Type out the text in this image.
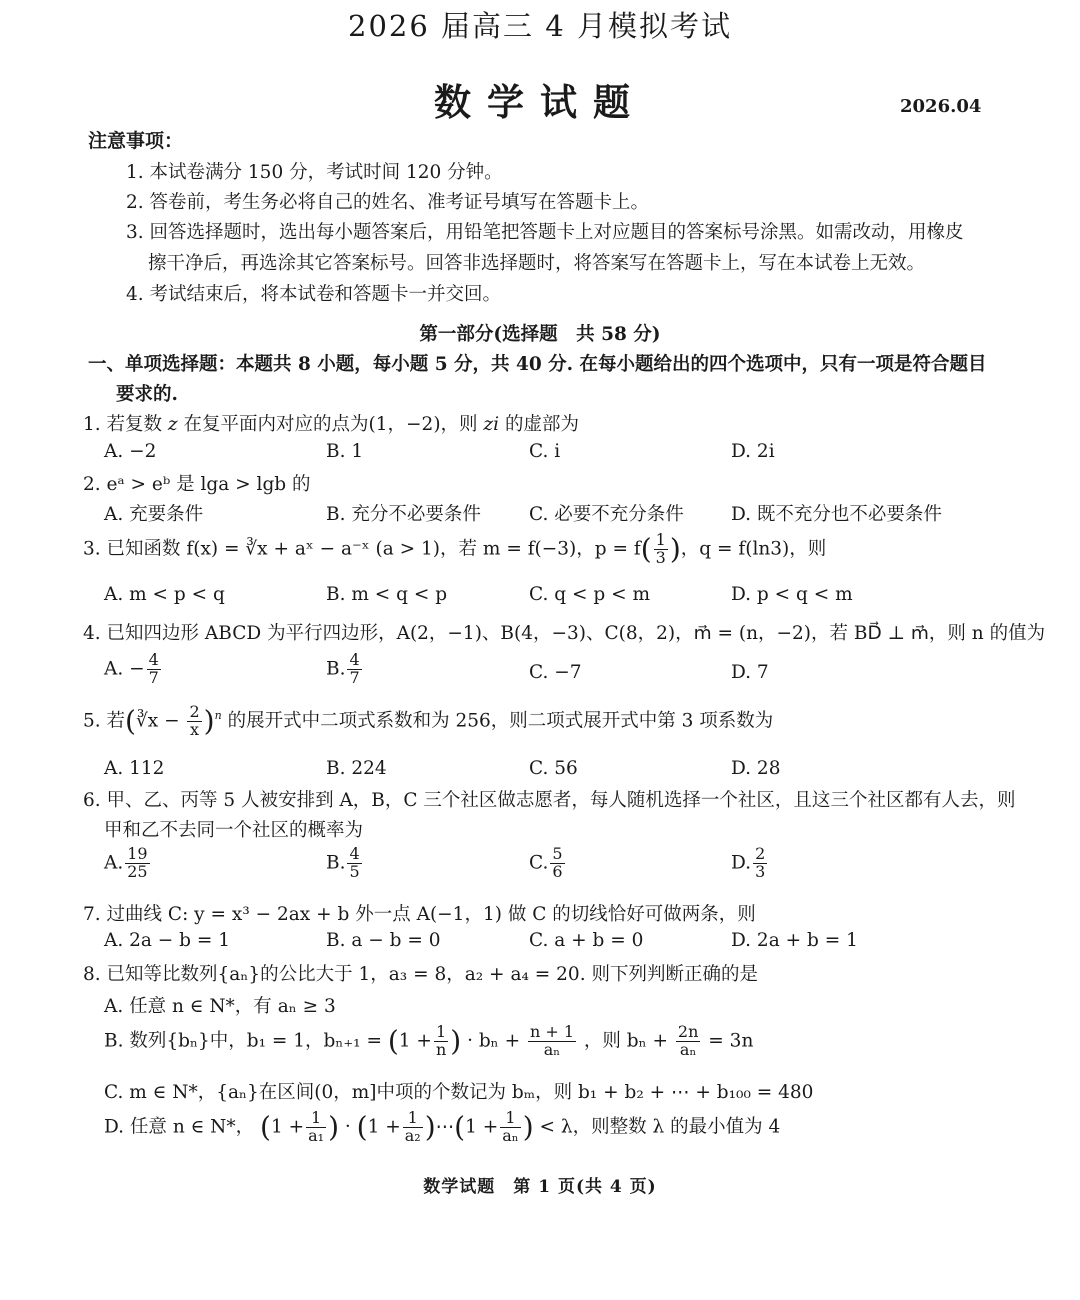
2026 届高三 4 月模拟考试
数学试题	2026.04
注意事项：
1. 本试卷满分 150 分，考试时间 120 分钟。
2. 答卷前，考生务必将自己的姓名、准考证号填写在答题卡上。
3. 回答选择题时，选出每小题答案后，用铅笔把答题卡上对应题目的答案标号涂黑。如需改动，用橡皮
擦干净后，再选涂其它答案标号。回答非选择题时，将答案写在答题卡上，写在本试卷上无效。
4. 考试结束后，将本试卷和答题卡一并交回。
第一部分(选择题　共 58 分)
一、单项选择题：本题共 8 小题，每小题 5 分，共 40 分. 在每小题给出的四个选项中，只有一项是符合题目
要求的.
1. 若复数 z 在复平面内对应的点为(1，−2)，则 zi 的虚部为
A. −2	B. 1	C. i	D. 2i
2. eᵃ > eᵇ 是 lga > lgb 的
A. 充要条件	B. 充分不必要条件	C. 必要不充分条件	D. 既不充分也不必要条件
3. 已知函数 f(x) = ∛x + aˣ − a⁻ˣ (a > 1)，若 m = f(−3)，$p = f( \frac{1}{3}$ )，q = f(ln3)，则
A. m < p < q	B. m < q < p	C. q < p < m	D. p < q < m
4. 已知四边形 ABCD 为平行四边形，A(2，−1)、B(4，−3)、C(8，2)，m⃗ = (n，−2)，若 BD⃗ ⊥ m⃗，则 n 的值为
A. − $\frac{4}{7}$	B. $\frac{4}{7}$	C. −7	D. 7
5. 若(∛x − $\frac{2}{x} )^n$ 的展开式中二项式系数和为 256，则二项式展开式中第 3 项系数为
A. 112	B. 224	C. 56	D. 28
6. 甲、乙、丙等 5 人被安排到 A，B，C 三个社区做志愿者，每人随机选择一个社区，且这三个社区都有人去，则
甲和乙不去同一个社区的概率为
A. $\frac{19}{25}$	B. $\frac{4}{5}$	C. $\frac{5}{6}$	D. $\frac{2}{3}$
7. 过曲线 C: y = x³ − 2ax + b 外一点 A(−1，1) 做 C 的切线恰好可做两条，则
A. 2a − b = 1	B. a − b = 0	C. a + b = 0	D. 2a + b = 1
8. 已知等比数列{aₙ}的公比大于 1，a₃ = 8，a₂ + a₄ = 20. 则下列判断正确的是
A. 任意 n ∈ N*，有 aₙ ≥ 3
B. 数列{bₙ}中，b₁ = 1，$b_{n+1} = (1 + \frac{1}{n}$ ) · $b_n + \frac{n + 1}{\text{aₙ}}$ ，则 $b_n + \frac{2n}{\text{aₙ}} = 3n$
C. m ∈ N*，{aₙ}在区间(0，m]中项的个数记为 bₘ，则 b₁ + b₂ + ⋯ + b₁₀₀ = 480
D. 任意 n ∈ N*， ($1 + \frac{1}{\text{a₁}}$ ) · ($1 + \frac{1}{\text{a₂}}$ )⋯(1 + $\frac{1}{\text{aₙ}}$ ) < λ，则整数 λ 的最小值为 4
数学试题　第 1 页(共 4 页)
